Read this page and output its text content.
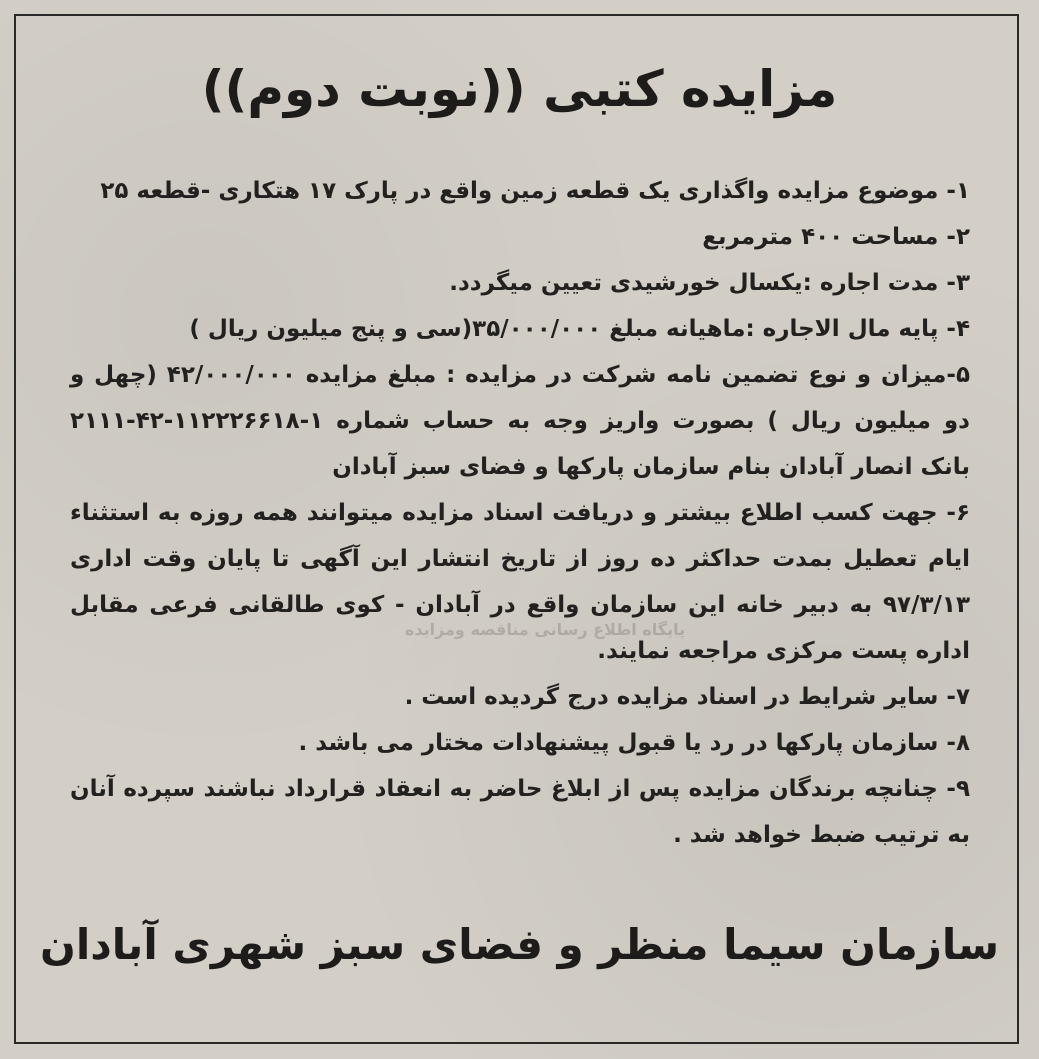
مزایده کتبی ((نوبت دوم))

۱- موضوع مزایده واگذاری یک قطعه زمین واقع در پارک ۱۷ هتکاری -قطعه ۲۵

۲- مساحت ۴۰۰ مترمربع

۳- مدت اجاره :یکسال خورشیدی تعیین میگردد.

۴- پایه مال الاجاره :ماهیانه مبلغ ۳۵/۰۰۰/۰۰۰(سی و پنج میلیون ریال )

۵-میزان و نوع تضمین نامه شرکت در مزایده : مبلغ مزایده ۴۲/۰۰۰/۰۰۰ (چهل و دو میلیون ریال ) بصورت واریز وجه به حساب شماره ۱-۱۱۲۲۲۶۶۱۸-۴۲-۲۱۱۱ بانک انصار آبادان بنام سازمان پارکها و فضای سبز آبادان

۶- جهت کسب اطلاع بیشتر و دریافت اسناد مزایده میتوانند همه روزه به استثناء ایام تعطیل بمدت حداکثر ده روز از تاریخ انتشار این آگهی تا پایان وقت اداری ۹۷/۳/۱۳ به دبیر خانه این سازمان واقع در آبادان - کوی طالقانی فرعی مقابل اداره پست مرکزی مراجعه نمایند.

۷- سایر شرایط در اسناد مزایده درج گردیده است .

۸- سازمان پارکها در رد یا قبول پیشنهادات مختار می باشد .

۹- چنانچه برندگان مزایده پس از ابلاغ حاضر به انعقاد قرارداد نباشند سپرده آنان به ترتیب ضبط خواهد شد .

پایگاه اطلاع رسانی مناقصه ومزایده
سازمان سیما منظر و فضای سبز شهری آبادان
